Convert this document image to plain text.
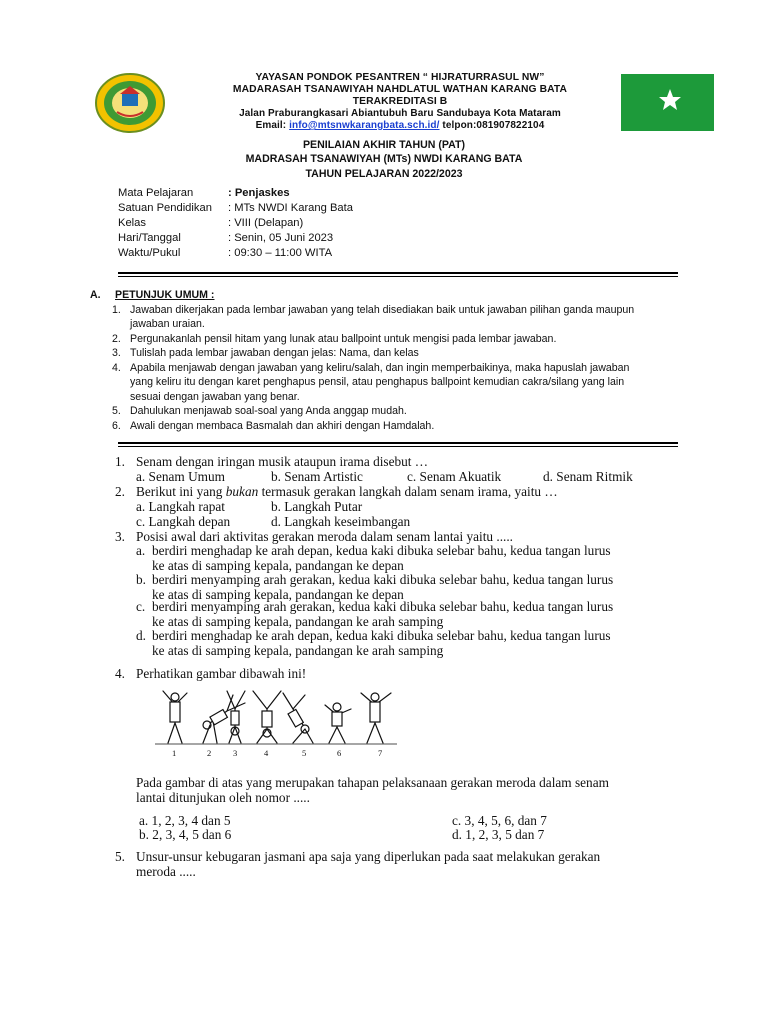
YAYASAN PONDOK PESANTREN “ HIJRATURRASUL NW”
MADARASAH TSANAWIYAH NAHDLATUL WATHAN KARANG BATA
TERAKREDITASI B
Jalan Praburangkasari Abiantubuh Baru Sandubaya Kota Mataram
Email: info@mtsnwkarangbata.sch.id/ telpon:081907822104
PENILAIAN AKHIR TAHUN (PAT)
MADRASAH TSANAWIYAH (MTs) NWDI KARANG BATA
TAHUN PELAJARAN 2022/2023
Mata Pelajaran	: Penjaskes
Satuan Pendidikan : MTs NWDI Karang Bata
Kelas	: VIII (Delapan)
Hari/Tanggal	: Senin, 05 Juni 2023
Waktu/Pukul	: 09:30 – 11:00 WITA
A. PETUNJUK UMUM :
1. Jawaban dikerjakan pada lembar jawaban yang telah disediakan baik untuk jawaban pilihan ganda maupun
jawaban uraian.
2. Pergunakanlah pensil hitam yang lunak atau ballpoint untuk mengisi pada lembar jawaban.
3. Tulislah pada lembar jawaban dengan jelas: Nama, dan kelas
4. Apabila menjawab dengan jawaban yang keliru/salah, dan ingin memperbaikinya, maka hapuslah jawaban
yang keliru itu dengan karet penghapus pensil, atau penghapus ballpoint kemudian cakra/silang yang lain
sesuai dengan jawaban yang benar.
5. Dahulukan menjawab soal-soal yang Anda anggap mudah.
6. Awali dengan membaca Basmalah dan akhiri dengan Hamdalah.
1. Senam dengan iringan musik ataupun irama disebut …
a. Senam Umum	b. Senam Artistic	c. Senam Akuatik	d. Senam Ritmik
2. Berikut ini yang bukan termasuk gerakan langkah dalam senam irama, yaitu …
a. Langkah rapat	b. Langkah Putar
c. Langkah depan	d. Langkah keseimbangan
3. Posisi awal dari aktivitas gerakan meroda dalam senam lantai yaitu .....
a. berdiri menghadap ke arah depan, kedua kaki dibuka selebar bahu, kedua tangan lurus
ke atas di samping kepala, pandangan ke depan
b. berdiri menyamping arah gerakan, kedua kaki dibuka selebar bahu, kedua tangan lurus
ke atas di samping kepala, pandangan ke depan
c. berdiri menyamping arah gerakan, kedua kaki dibuka selebar bahu, kedua tangan lurus
ke atas di samping kepala, pandangan ke arah samping
d. berdiri menghadap ke arah depan, kedua kaki dibuka selebar bahu, kedua tangan lurus
ke atas di samping kepala, pandangan ke arah samping
4. Perhatikan gambar dibawah ini!
1	2	3	4	5	6	7
Pada gambar di atas yang merupakan tahapan pelaksanaan gerakan meroda dalam senam
lantai ditunjukan oleh nomor .....
a. 1, 2, 3, 4 dan 5
b. 2, 3, 4, 5 dan 6
c. 3, 4, 5, 6, dan 7
d. 1, 2, 3, 5 dan 7
5. Unsur-unsur kebugaran jasmani apa saja yang diperlukan pada saat melakukan gerakan
meroda .....
